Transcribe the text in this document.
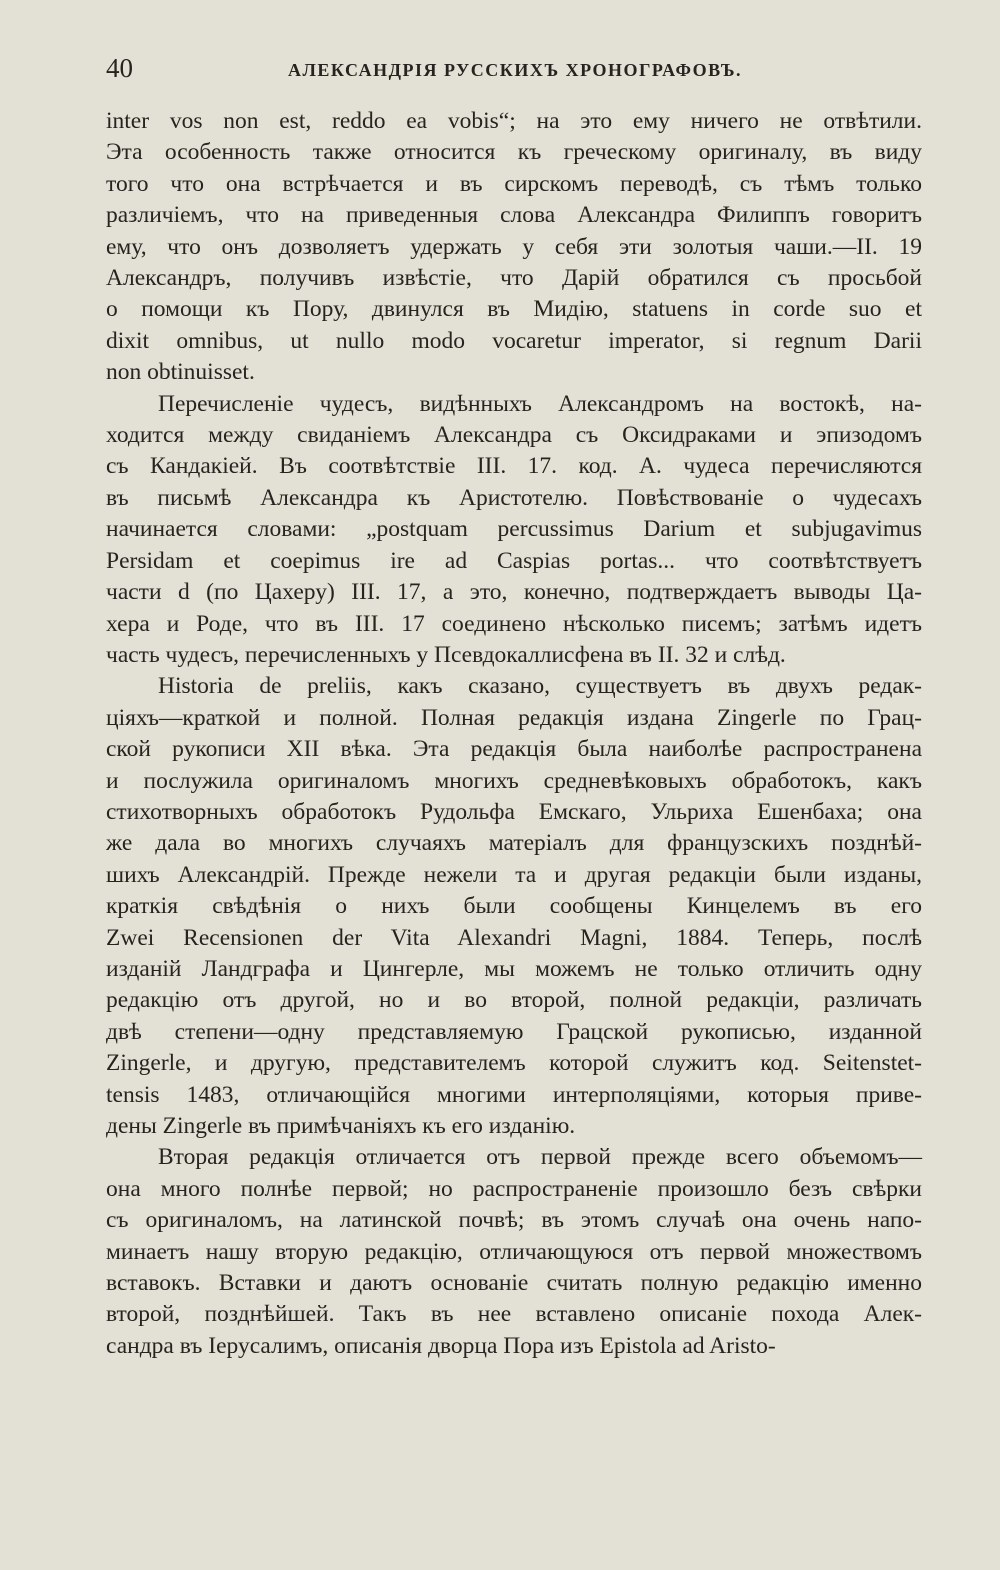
40	АЛЕКСАНДРІЯ РУССКИХЪ ХРОНОГРАФОВЪ.
inter vos non est, reddo ea vobis“; на это ему ничего не отвѣтили.
Эта особенность также относится къ греческому оригиналу, въ виду
того что она встрѣчается и въ сирскомъ переводѣ, съ тѣмъ только
различіемъ, что на приведенныя слова Александра Филиппъ говоритъ
ему, что онъ дозволяетъ удержать у себя эти золотыя чаши.—II. 19
Александръ, получивъ извѣстіе, что Дарій обратился съ просьбой
о помощи къ Пору, двинулся въ Мидію, statuens in corde suo et
dixit omnibus, ut nullo modo vocaretur imperator, si regnum Darii
non obtinuisset.
Перечисленіе чудесъ, видѣнныхъ Александромъ на востокѣ, на-
ходится между свиданіемъ Александра съ Оксидраками и эпизодомъ
съ Кандакіей. Въ соотвѣтствіе III. 17. код. А. чудеса перечисляются
въ письмѣ Александра къ Аристотелю. Повѣствованіе о чудесахъ
начинается словами: „postquam percussimus Darium et subjugavimus
Persidam et coepimus ire ad Caspias portas... что соотвѣтствуетъ
части d (по Цахеру) III. 17, а это, конечно, подтверждаетъ выводы Ца-
хера и Роде, что въ III. 17 соединено нѣсколько писемъ; затѣмъ идетъ
часть чудесъ, перечисленныхъ у Псевдокаллисфена въ II. 32 и слѣд.
Historia de preliis, какъ сказано, существуетъ въ двухъ редак-
ціяхъ—краткой и полной. Полная редакція издана Zingerle по Грац-
ской рукописи XII вѣка. Эта редакція была наиболѣе распространена
и послужила оригиналомъ многихъ средневѣковыхъ обработокъ, какъ
стихотворныхъ обработокъ Рудольфа Емскаго, Ульриха Ешенбаха; она
же дала во многихъ случаяхъ матеріалъ для французскихъ позднѣй-
шихъ Александрій. Прежде нежели та и другая редакціи были изданы,
краткія свѣдѣнія о нихъ были сообщены Кинцелемъ въ его
Zwei Recensionen der Vita Alexandri Magni, 1884. Теперь, послѣ
изданій Ландграфа и Цингерле, мы можемъ не только отличить одну
редакцію отъ другой, но и во второй, полной редакціи, различать
двѣ степени—одну представляемую Грацской рукописью, изданной
Zingerle, и другую, представителемъ которой служитъ код. Seitenstet-
tensis 1483, отличающійся многими интерполяціями, которыя приве-
дены Zingerle въ примѣчаніяхъ къ его изданію.
Вторая редакція отличается отъ первой прежде всего объемомъ—
она много полнѣе первой; но распространеніе произошло безъ свѣрки
съ оригиналомъ, на латинской почвѣ; въ этомъ случаѣ она очень напо-
минаетъ нашу вторую редакцію, отличающуюся отъ первой множествомъ
вставокъ. Вставки и даютъ основаніе считать полную редакцію именно
второй, позднѣйшей. Такъ въ нее вставлено описаніе похода Алек-
сандра въ Іерусалимъ, описанія дворца Пора изъ Epistola ad Aristo-
